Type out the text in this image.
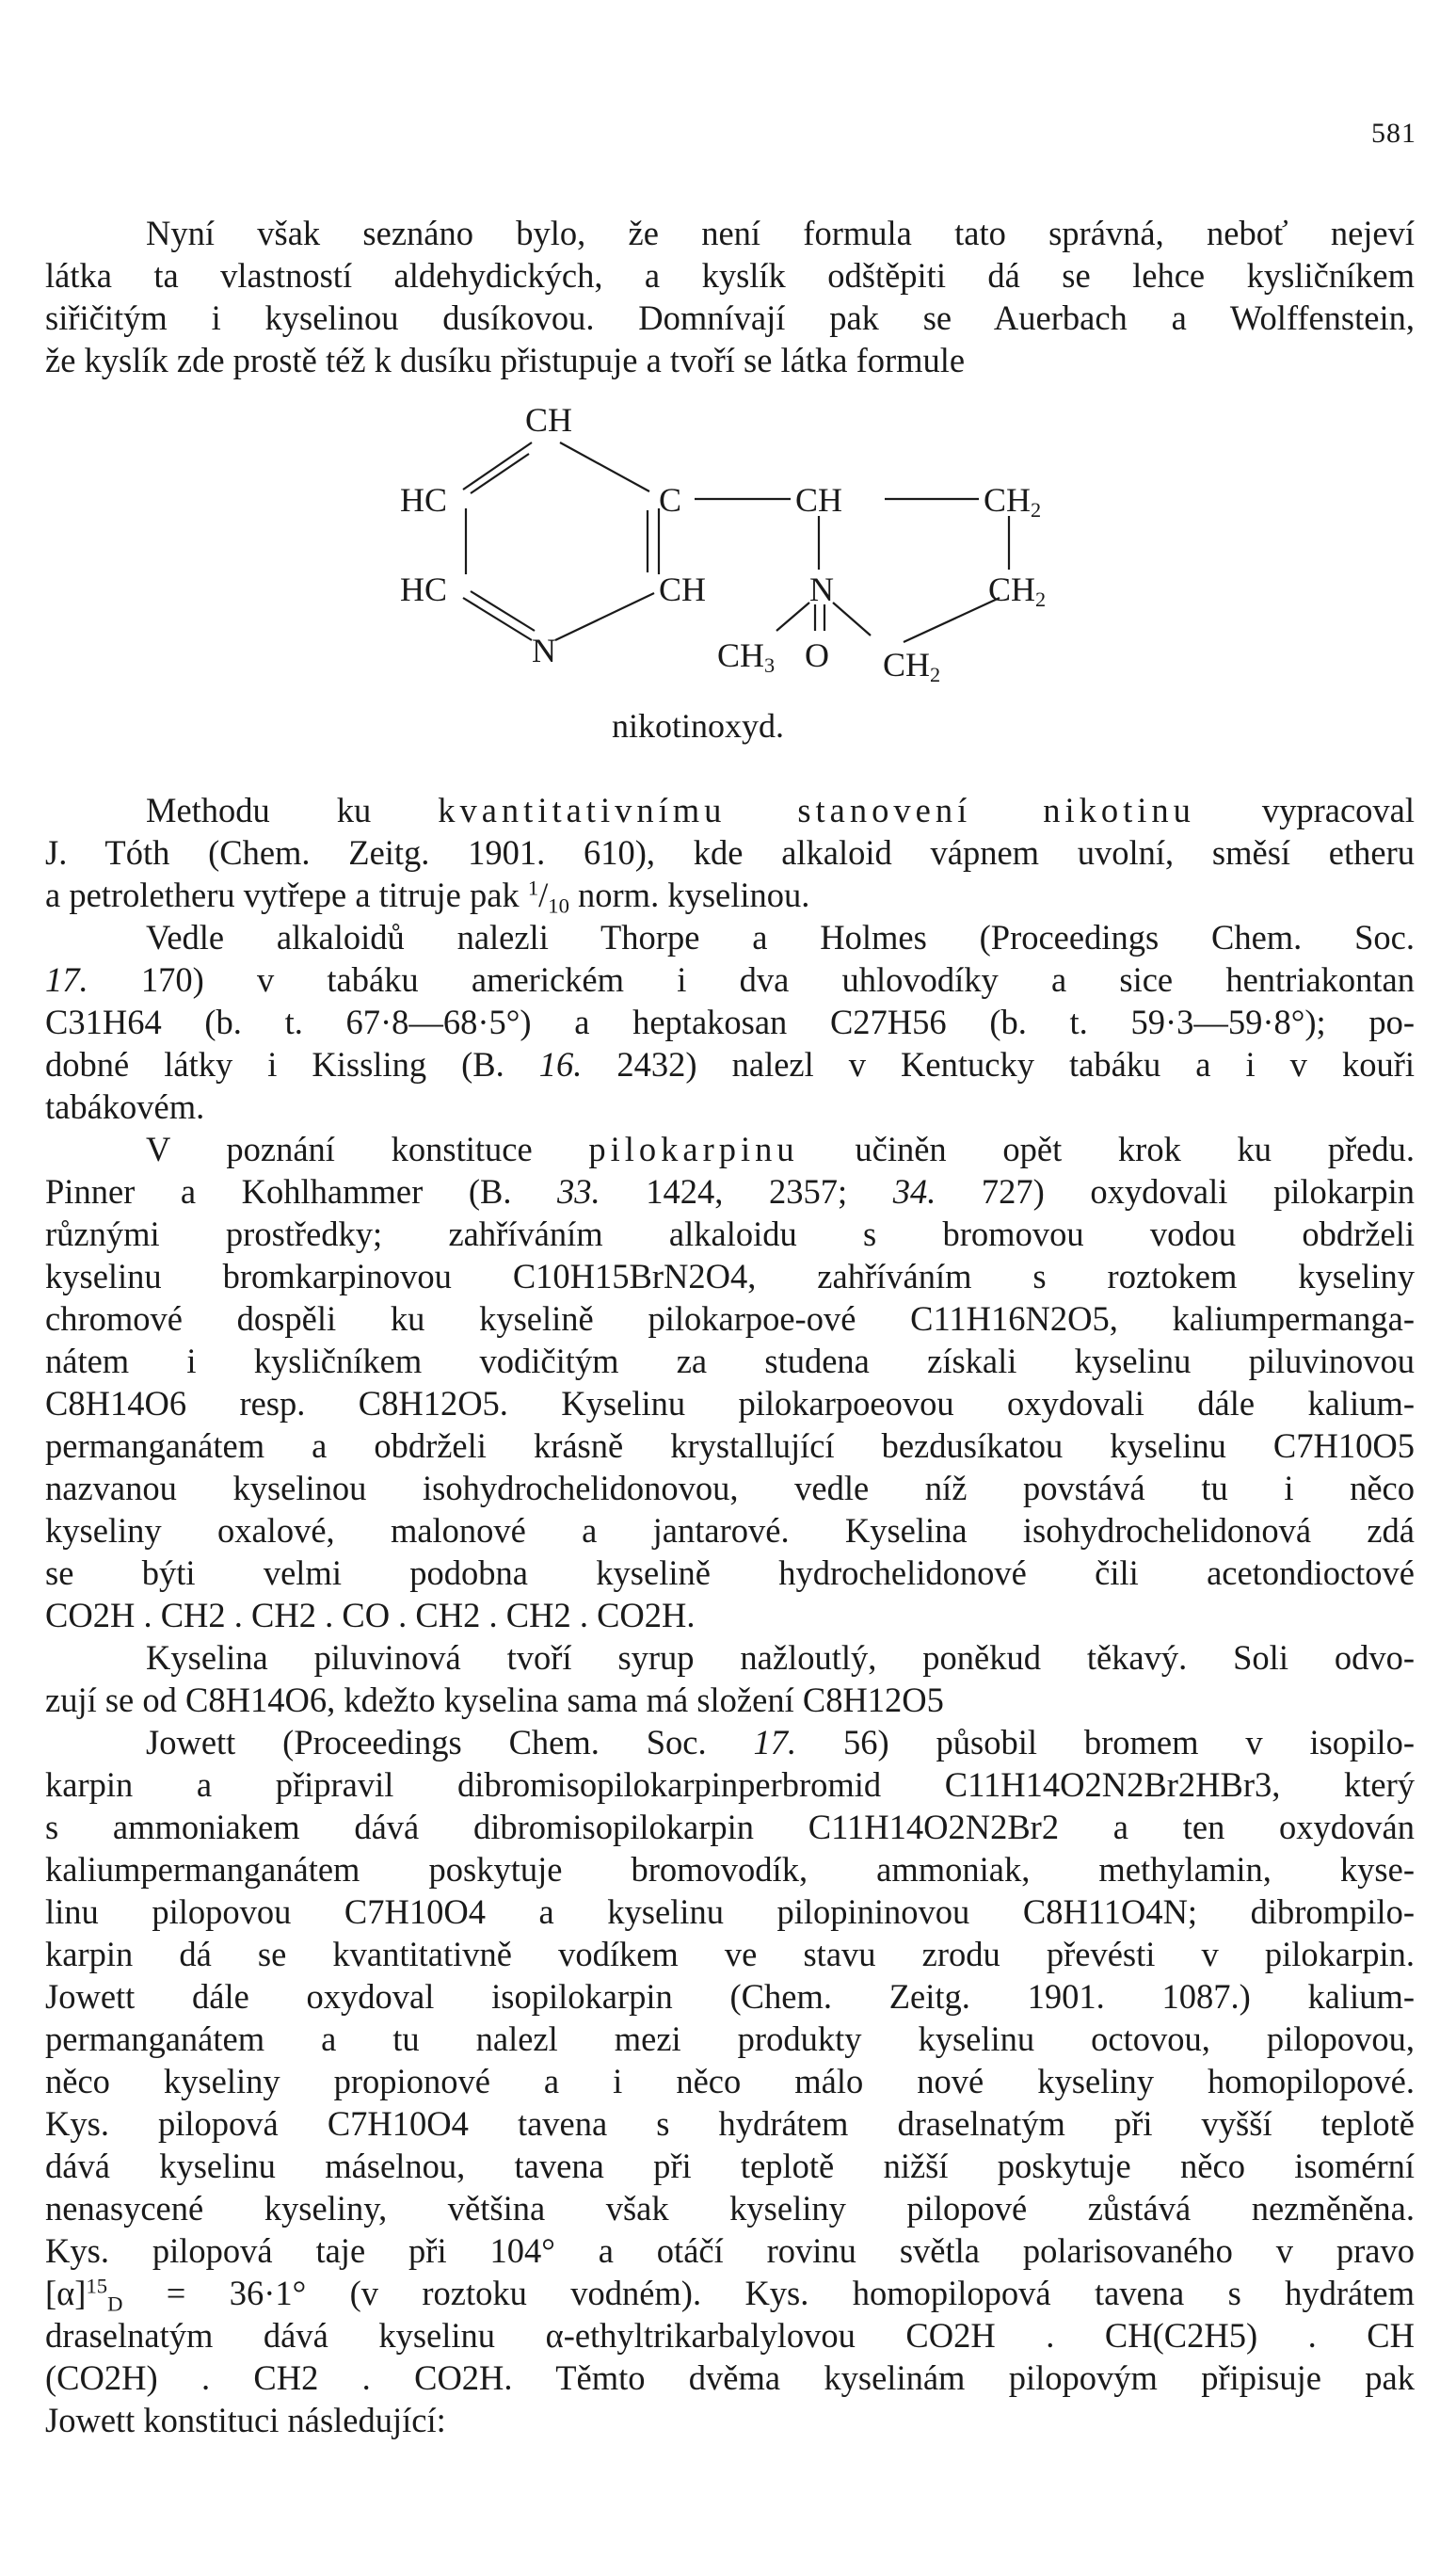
581
Nyní však seznáno bylo, že není formula tato správná, neboť nejeví
látka ta vlastností aldehydických, a kyslík odštěpiti dá se lehce kysličníkem
siřičitým i kyselinou dusíkovou. Domnívají pak se Auerbach a Wolffenstein,
že kyslík zde prostě též k dusíku přistupuje a tvoří se látka formule
CH
HC	C	CH	$CH_2$
HC	CH	N	$CH_2$
N	$CH_3$ O $CH_2$
nikotinoxyd.
Methodu ku kvantitativnímu stanovení nikotinu vypracoval
J. Tóth (Chem. Zeitg. 1901. 610), kde alkaloid vápnem uvolní, směsí etheru
a petroletheru vytřepe a titruje pak $^1/_{10}$ norm. kyselinou.
Vedle alkaloidů nalezli Thorpe a Holmes (Proceedings Chem. Soc.
17. 170) v tabáku americkém i dva uhlovodíky a sice hentriakontan
C31H64 (b. t. 67·8—68·5°) a heptakosan C27H56 (b. t. 59·3—59·8°); po-
dobné látky i Kissling (B. 16. 2432) nalezl v Kentucky tabáku a i v kouři
tabákovém.
V poznání konstituce pilokarpinu učiněn opět krok ku předu.
Pinner a Kohlhammer (B. 33. 1424, 2357; 34. 727) oxydovali pilokarpin
různými prostředky; zahříváním alkaloidu s bromovou vodou obdrželi
kyselinu bromkarpinovou C10H15BrN2O4, zahříváním s roztokem kyseliny
chromové dospěli ku kyselině pilokarpoe-ové C11H16N2O5, kaliumpermanga-
nátem i kysličníkem vodičitým za studena získali kyselinu piluvinovou
C8H14O6 resp. C8H12O5. Kyselinu pilokarpoeovou oxydovali dále kalium-
permanganátem a obdrželi krásně krystallující bezdusíkatou kyselinu C7H10O5
nazvanou kyselinou isohydrochelidonovou, vedle níž povstává tu i něco
kyseliny oxalové, malonové a jantarové. Kyselina isohydrochelidonová zdá
se býti velmi podobna kyselině hydrochelidonové čili acetondioctové
CO2H . CH2 . CH2 . CO . CH2 . CH2 . CO2H.
Kyselina piluvinová tvoří syrup nažloutlý, poněkud těkavý. Soli odvo-
zují se od C8H14O6, kdežto kyselina sama má složení C8H12O5
Jowett (Proceedings Chem. Soc. 17. 56) působil bromem v isopilo-
karpin a připravil dibromisopilokarpinperbromid C11H14O2N2Br2HBr3, který
s ammoniakem dává dibromisopilokarpin C11H14O2N2Br2 a ten oxydován
kaliumpermanganátem poskytuje bromovodík, ammoniak, methylamin, kyse-
linu pilopovou C7H10O4 a kyselinu pilopininovou C8H11O4N; dibrompilo-
karpin dá se kvantitativně vodíkem ve stavu zrodu převésti v pilokarpin.
Jowett dále oxydoval isopilokarpin (Chem. Zeitg. 1901. 1087.) kalium-
permanganátem a tu nalezl mezi produkty kyselinu octovou, pilopovou,
něco kyseliny propionové a i něco málo nové kyseliny homopilopové.
Kys. pilopová C7H10O4 tavena s hydrátem draselnatým při vyšší teplotě
dává kyselinu máselnou, tavena při teplotě nižší poskytuje něco isomérní
nenasycené kyseliny, většina však kyseliny pilopové zůstává nezměněna.
Kys. pilopová taje při 104° a otáčí rovinu světla polarisovaného v pravo
$[\alpha]^{15}_D = 36\cdot 1^\circ$ (v roztoku vodném). Kys. homopilopová tavena s hydrátem
draselnatým dává kyselinu α-ethyltrikarbalylovou CO2H . CH(C2H5) . CH
(CO2H) . CH2 . CO2H. Těmto dvěma kyselinám pilopovým připisuje pak
Jowett konstituci následující:
